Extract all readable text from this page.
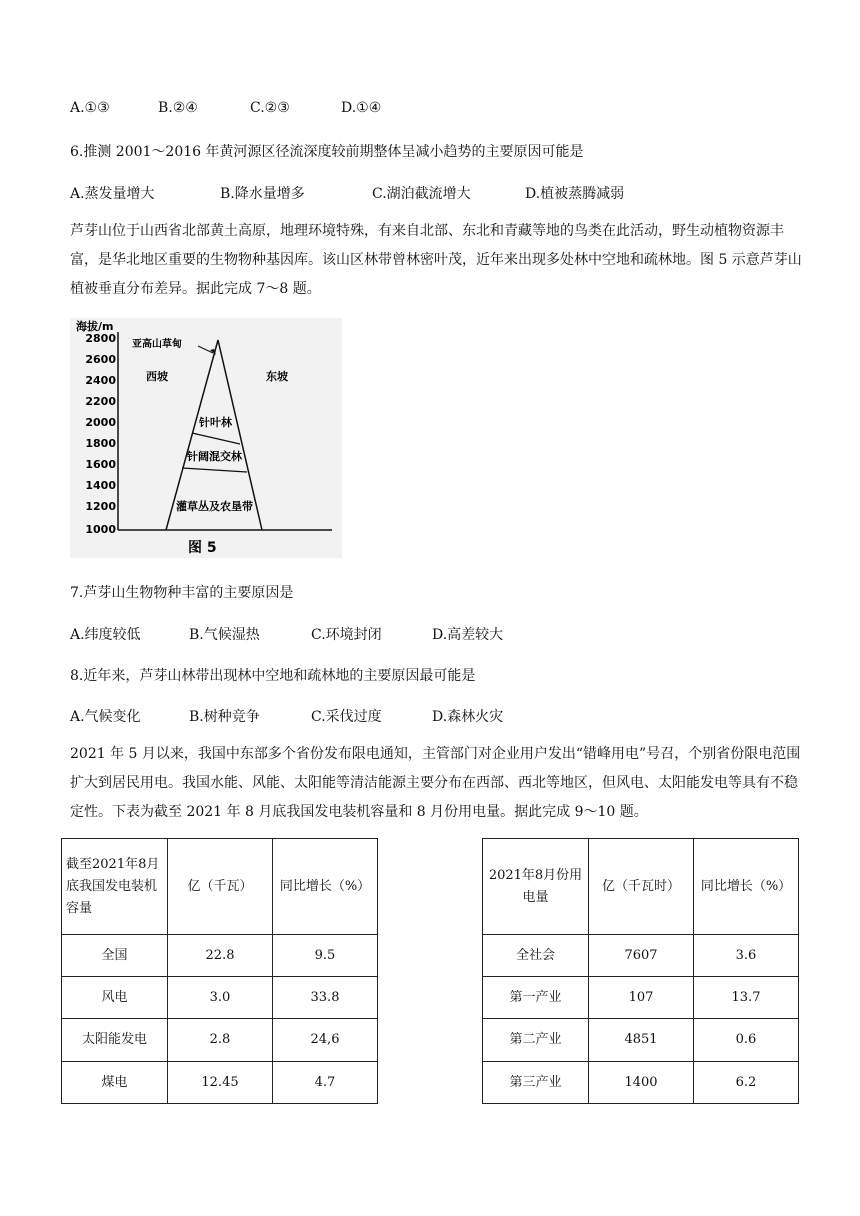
A.①③	B.②④	C.②③	D.①④
6.推测 2001～2016 年黄河源区径流深度较前期整体呈减小趋势的主要原因可能是
A.蒸发量增大	B.降水量增多	C.湖泊截流增大	D.植被蒸腾减弱
芦芽山位于山西省北部黄土高原，地理环境特殊，有来自北部、东北和青藏等地的鸟类在此活动，野生动植物资源丰富，是华北地区重要的生物物种基因库。该山区林带曾林密叶茂，近年来出现多处林中空地和疏林地。图 5 示意芦芽山植被垂直分布差异。据此完成 7～8 题。
海拔/m
2800
2600
2400
2200
2000
1800
1600
1400
1200
1000
亚高山草甸
西坡	东坡
针叶林
针阔混交林
灌草丛及农垦带
图 5
7.芦芽山生物物种丰富的主要原因是
A.纬度较低	B.气候湿热	C.环境封闭	D.高差较大
8.近年来，芦芽山林带出现林中空地和疏林地的主要原因最可能是
A.气候变化	B.树种竞争	C.采伐过度	D.森林火灾
2021 年 5 月以来，我国中东部多个省份发布限电通知，主管部门对企业用户发出“错峰用电”号召，个别省份限电范围扩大到居民用电。我国水能、风能、太阳能等清洁能源主要分布在西部、西北等地区，但风电、太阳能发电等具有不稳定性。下表为截至 2021 年 8 月底我国发电装机容量和 8 月份用电量。据此完成 9～10 题。
截至2021年8月底我国发电装机容量	亿（千瓦）	同比增长（%）		2021年8月份用电量	亿（千瓦时）	同比增长（%）
全国	22.8	9.5		全社会	7607	3.6
风电	3.0	33.8		第一产业	107	13.7
太阳能发电	2.8	24,6		第二产业	4851	0.6
煤电	12.45	4.7		第三产业	1400	6.2
